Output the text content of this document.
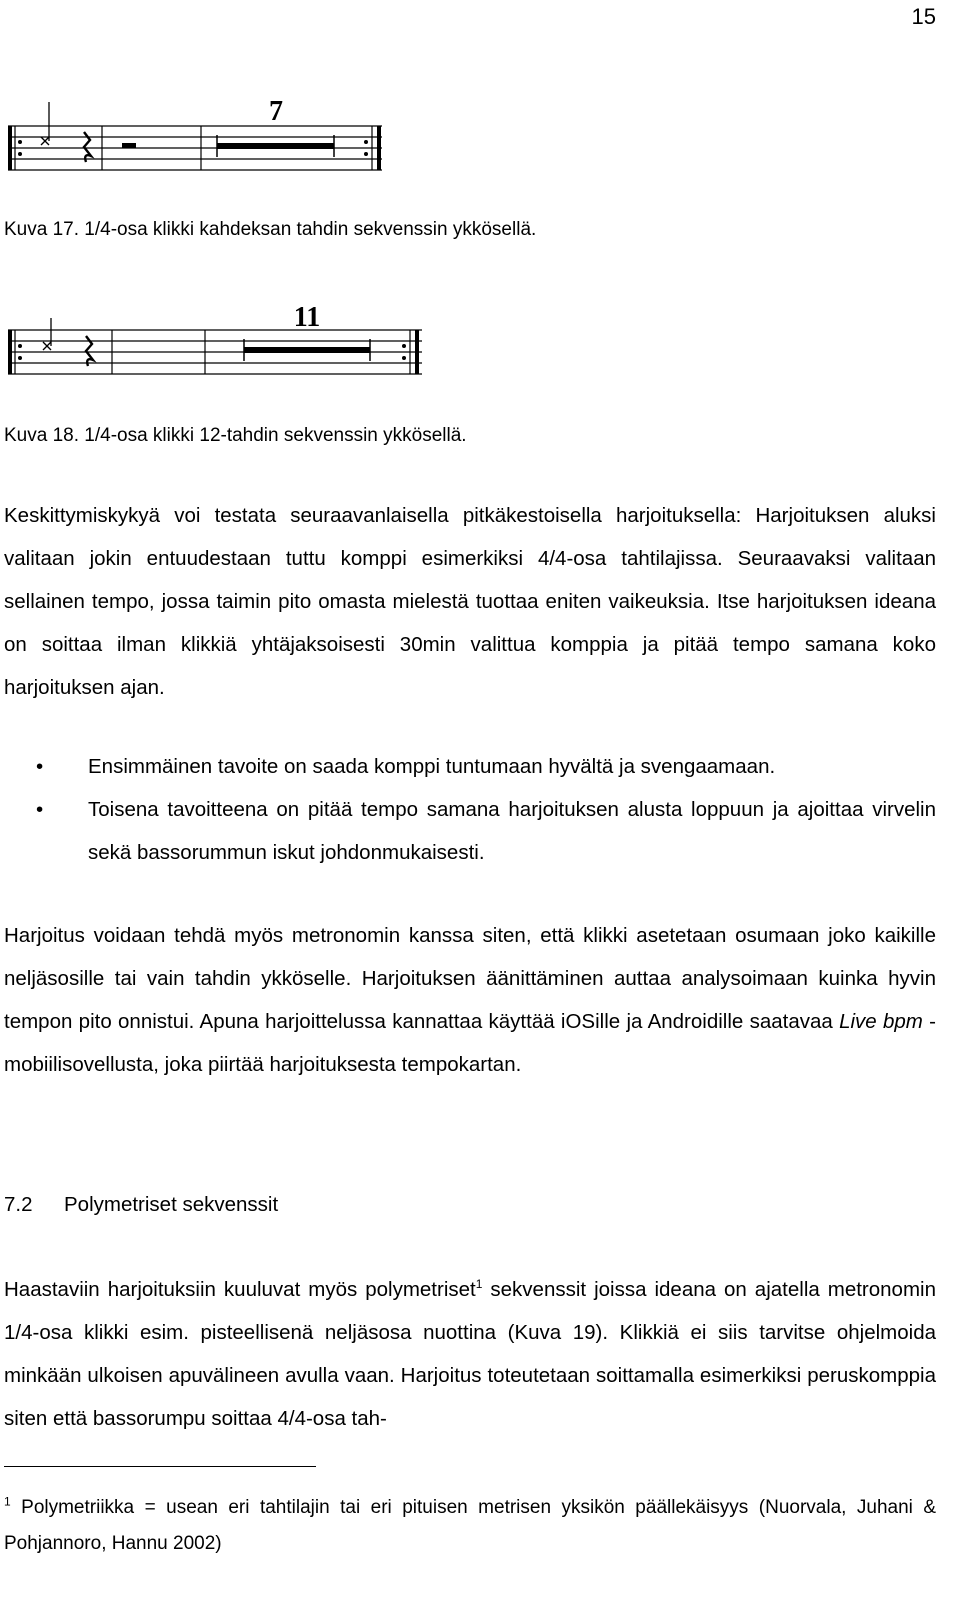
15
7
Kuva 17. 1/4-osa klikki kahdeksan tahdin sekvenssin ykkösellä.
11
Kuva 18. 1/4-osa klikki 12-tahdin sekvenssin ykkösellä.

Keskittymiskykyä voi testata seuraavanlaisella pitkäkestoisella harjoituksella: Harjoituksen aluksi valitaan jokin entuudestaan tuttu komppi esimerkiksi 4/4-osa tahtilajissa. Seuraavaksi valitaan sellainen tempo, jossa taimin pito omasta mielestä tuottaa eniten vaikeuksia. Itse harjoituksen ideana on soittaa ilman klikkiä yhtäjaksoisesti 30min valittua komppia ja pitää tempo samana koko harjoituksen ajan.

• Ensimmäinen tavoite on saada komppi tuntumaan hyvältä ja svengaamaan.
• Toisena tavoitteena on pitää tempo samana harjoituksen alusta loppuun ja ajoittaa virvelin sekä bassorummun iskut johdonmukaisesti.

Harjoitus voidaan tehdä myös metronomin kanssa siten, että klikki asetetaan osumaan joko kaikille neljäsosille tai vain tahdin ykköselle. Harjoituksen äänittäminen auttaa analysoimaan kuinka hyvin tempon pito onnistui. Apuna harjoittelussa kannattaa käyttää iOSille ja Androidille saatavaa Live bpm -mobiilisovellusta, joka piirtää harjoituksesta tempokartan.

7.2 Polymetriset sekvenssit

Haastaviin harjoituksiin kuuluvat myös polymetriset$^1$ sekvenssit joissa ideana on ajatella metronomin 1/4-osa klikki esim. pisteellisenä neljäsosa nuottina (Kuva 19). Klikkiä ei siis tarvitse ohjelmoida minkään ulkoisen apuvälineen avulla vaan. Harjoitus toteutetaan soittamalla esimerkiksi peruskomppia siten että bassorumpu soittaa 4/4-osa tah-

$^1$ Polymetriikka = usean eri tahtilajin tai eri pituisen metrisen yksikön päällekäisyys (Nuorvala, Juhani & Pohjannoro, Hannu 2002)
